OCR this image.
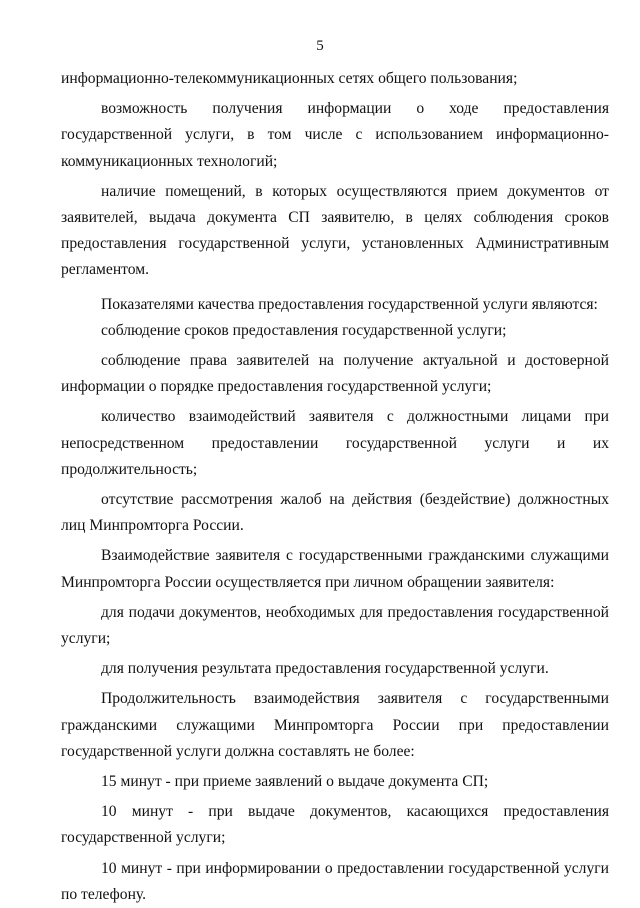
5

информационно-телекоммуникационных сетях общего пользования;

возможность получения информации о ходе предоставления государственной услуги, в том числе с использованием информационно-коммуникационных технологий;

наличие помещений, в которых осуществляются прием документов от заявителей, выдача документа СП заявителю, в целях соблюдения сроков предоставления государственной услуги, установленных Административным регламентом.

Показателями качества предоставления государственной услуги являются:

соблюдение сроков предоставления государственной услуги;

соблюдение права заявителей на получение актуальной и достоверной информации о порядке предоставления государственной услуги;

количество взаимодействий заявителя с должностными лицами при непосредственном предоставлении государственной услуги и их продолжительность;

отсутствие рассмотрения жалоб на действия (бездействие) должностных лиц Минпромторга России.

Взаимодействие заявителя с государственными гражданскими служащими Минпромторга России осуществляется при личном обращении заявителя:

для подачи документов, необходимых для предоставления государственной услуги;

для получения результата предоставления государственной услуги.

Продолжительность взаимодействия заявителя с государственными гражданскими служащими Минпромторга России при предоставлении государственной услуги должна составлять не более:

15 минут - при приеме заявлений о выдаче документа СП;

10 минут - при выдаче документов, касающихся предоставления государственной услуги;

10 минут - при информировании о предоставлении государственной услуги по телефону.
